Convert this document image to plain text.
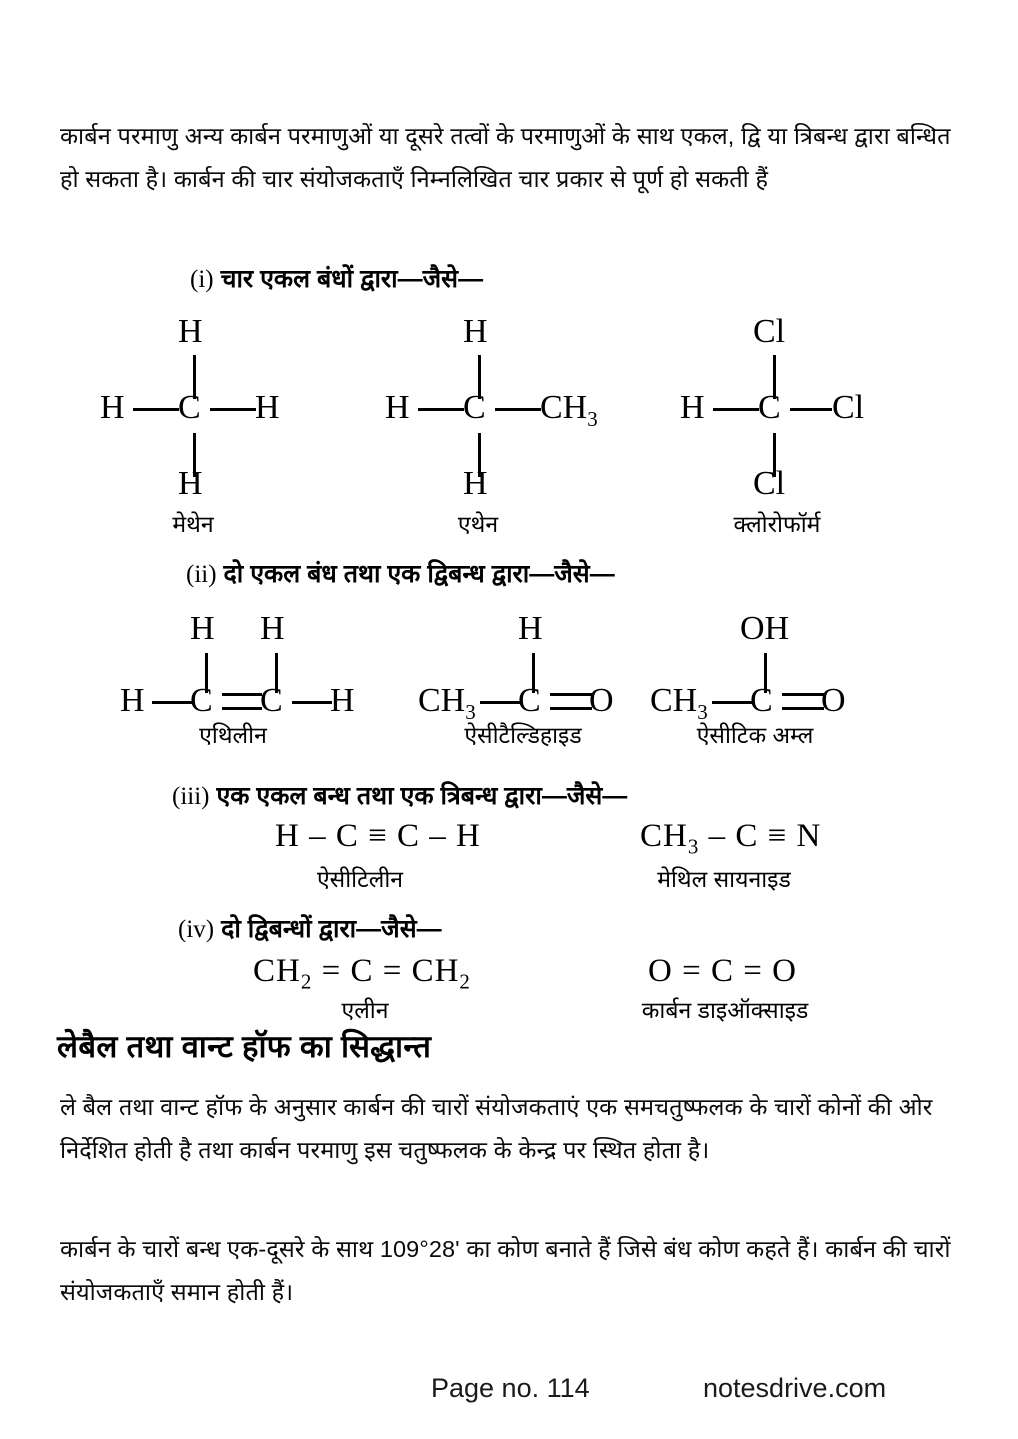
कार्बन परमाणु अन्य कार्बन परमाणुओं या दूसरे तत्वों के परमाणुओं के साथ एकल, द्वि या त्रिबन्ध द्वारा बन्धित हो सकता है। कार्बन की चार संयोजकताएँ निम्नलिखित चार प्रकार से पूर्ण हो सकती हैं
(i) चार एकल बंधों द्वारा—जैसे—
H
H C H
H
मेथेन
H
H C $CH_3$
H
एथेन
Cl
H C Cl
Cl
क्लोरोफॉर्म
(ii) दो एकल बंध तथा एक द्विबन्ध द्वारा—जैसे—
H H
H C C H
एथिलीन
H
$CH_3$ C O
ऐसीटैल्डिहाइड
OH
$CH_3$ C O
ऐसीटिक अम्ल
(iii) एक एकल बन्ध तथा एक त्रिबन्ध द्वारा—जैसे—
H – C ≡ C – H
ऐसीटिलीन
$CH_3 - C \equiv N$
मेथिल सायनाइड
(iv) दो द्विबन्धों द्वारा—जैसे—
$CH_2 = C = CH_2$
एलीन
O = C = O
कार्बन डाइऑक्साइड
लेबैल तथा वान्ट हॉफ का सिद्धान्त
ले बैल तथा वान्ट हॉफ के अनुसार कार्बन की चारों संयोजकताएं एक समचतुष्फलक के चारों कोनों की ओर निर्देशित होती है तथा कार्बन परमाणु इस चतुष्फलक के केन्द्र पर स्थित होता है।
कार्बन के चारों बन्ध एक-दूसरे के साथ 109°28' का कोण बनाते हैं जिसे बंध कोण कहते हैं। कार्बन की चारों संयोजकताएँ समान होती हैं।
Page no. 114	notesdrive.com
